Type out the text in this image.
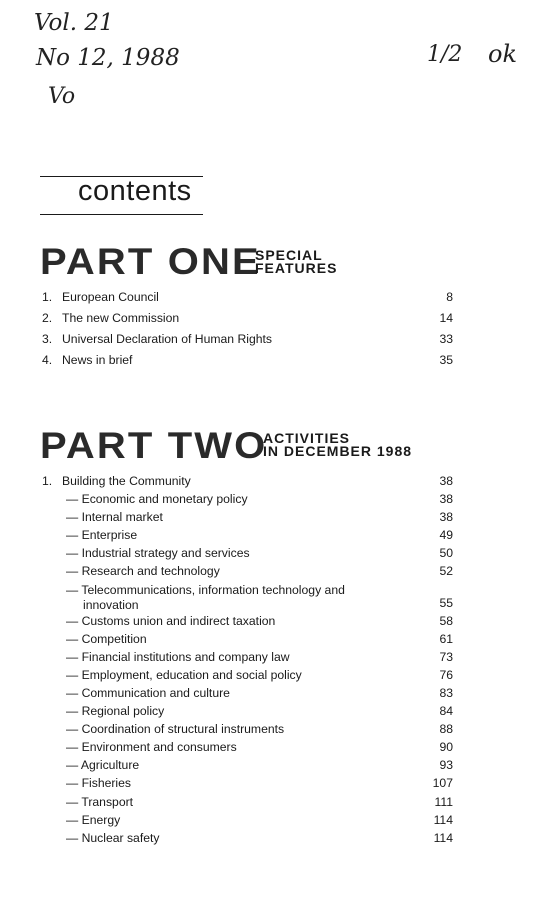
Vol. 21
No 12, 1988
Vo
1/2 ok
contents
PART ONE
SPECIAL
FEATURES
1. European Council	8
2. The new Commission	14
3. Universal Declaration of Human Rights	33
4. News in brief	35
PART TWO
ACTIVITIES
IN DECEMBER 1988
1. Building the Community	38
— Economic and monetary policy	38
— Internal market	38
— Enterprise	49
— Industrial strategy and services	50
— Research and technology	52
— Telecommunications, information technology and
innovation	55
— Customs union and indirect taxation	58
— Competition	61
— Financial institutions and company law	73
— Employment, education and social policy	76
— Communication and culture	83
— Regional policy	84
— Coordination of structural instruments	88
— Environment and consumers	90
— Agriculture	93
— Fisheries	107
— Transport	111
— Energy	114
— Nuclear safety	114
